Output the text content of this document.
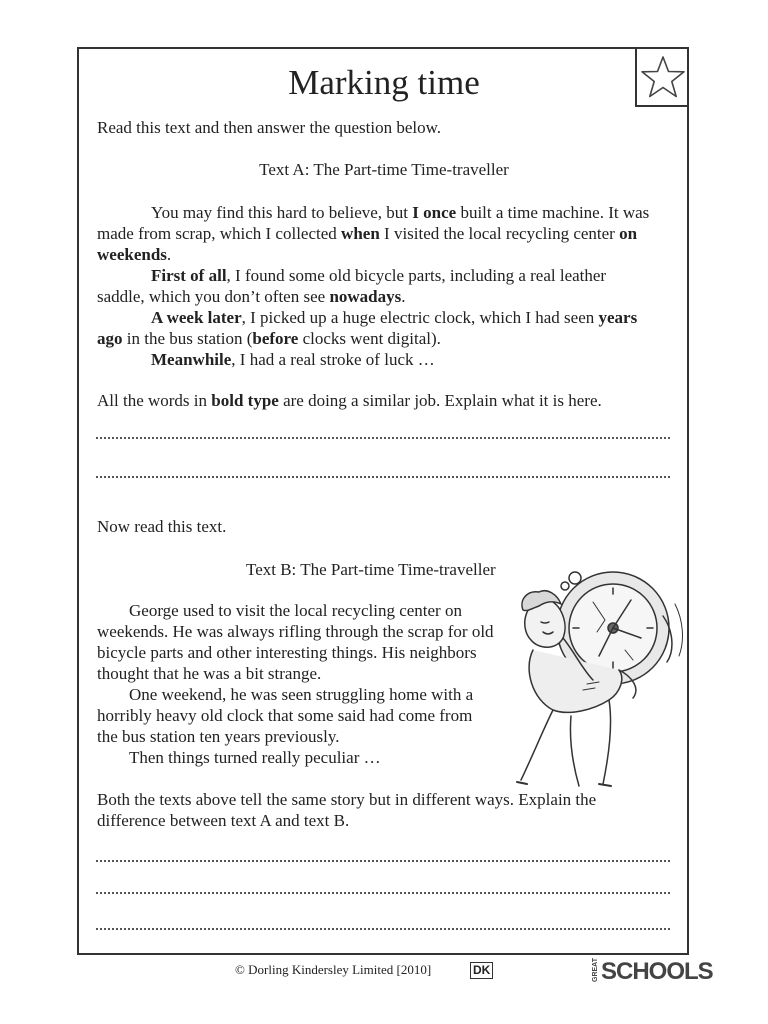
Marking time
Read this text and then answer the question below.
Text A: The Part-time Time-traveller

You may find this hard to believe, but I once built a time machine. It was made from scrap, which I collected when I visited the local recycling center on weekends.

First of all, I found some old bicycle parts, including a real leather saddle, which you don’t often see nowadays.

A week later, I picked up a huge electric clock, which I had seen years ago in the bus station (before clocks went digital).

Meanwhile, I had a real stroke of luck …

All the words in bold type are doing a similar job. Explain what it is here.
Now read this text.
Text B: The Part-time Time-traveller

George used to visit the local recycling center on weekends. He was always rifling through the scrap for old bicycle parts and other interesting things. His neighbors thought that he was a bit strange.

One weekend, he was seen struggling home with a horribly heavy old clock that some said had come from the bus station ten years previously.

Then things turned really peculiar …

Both the texts above tell the same story but in different ways. Explain the difference between text A and text B.
© Dorling Kindersley Limited [2010]	DK	GREATSCHOOLS
